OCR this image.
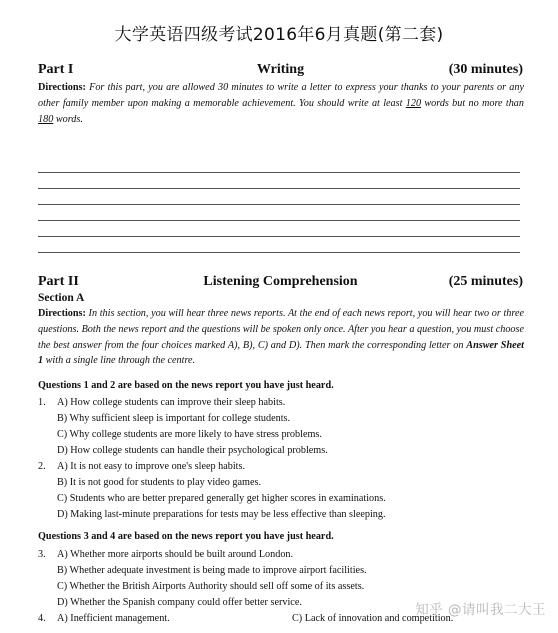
大学英语四级考试2016年6月真题(第二套)
Part I	Writing	(30 minutes)
Directions: For this part, you are allowed 30 minutes to write a letter to express your thanks to your parents or any other family member upon making a memorable achievement. You should write at least 120 words but no more than 180 words.
Part II	Listening Comprehension	(25 minutes)
Section A
Directions: In this section, you will hear three news reports. At the end of each news report, you will hear two or three questions. Both the news report and the questions will be spoken only once. After you hear a question, you must choose the best answer from the four choices marked A), B), C) and D). Then mark the corresponding letter on Answer Sheet 1 with a single line through the centre.
Questions 1 and 2 are based on the news report you have just heard.
1. A) How college students can improve their sleep habits.
B) Why sufficient sleep is important for college students.
C) Why college students are more likely to have stress problems.
D) How college students can handle their psychological problems.
2. A) It is not easy to improve one's sleep habits.
B) It is not good for students to play video games.
C) Students who are better prepared generally get higher scores in examinations.
D) Making last-minute preparations for tests may be less effective than sleeping.
Questions 3 and 4 are based on the news report you have just heard.
3. A) Whether more airports should be built around London.
B) Whether adequate investment is being made to improve airport facilities.
C) Whether the British Airports Authority should sell off some of its assets.
D) Whether the Spanish company could offer better service.
4. A) Inefficient management.	C) Lack of innovation and competition.
知乎 @请叫我二大王
